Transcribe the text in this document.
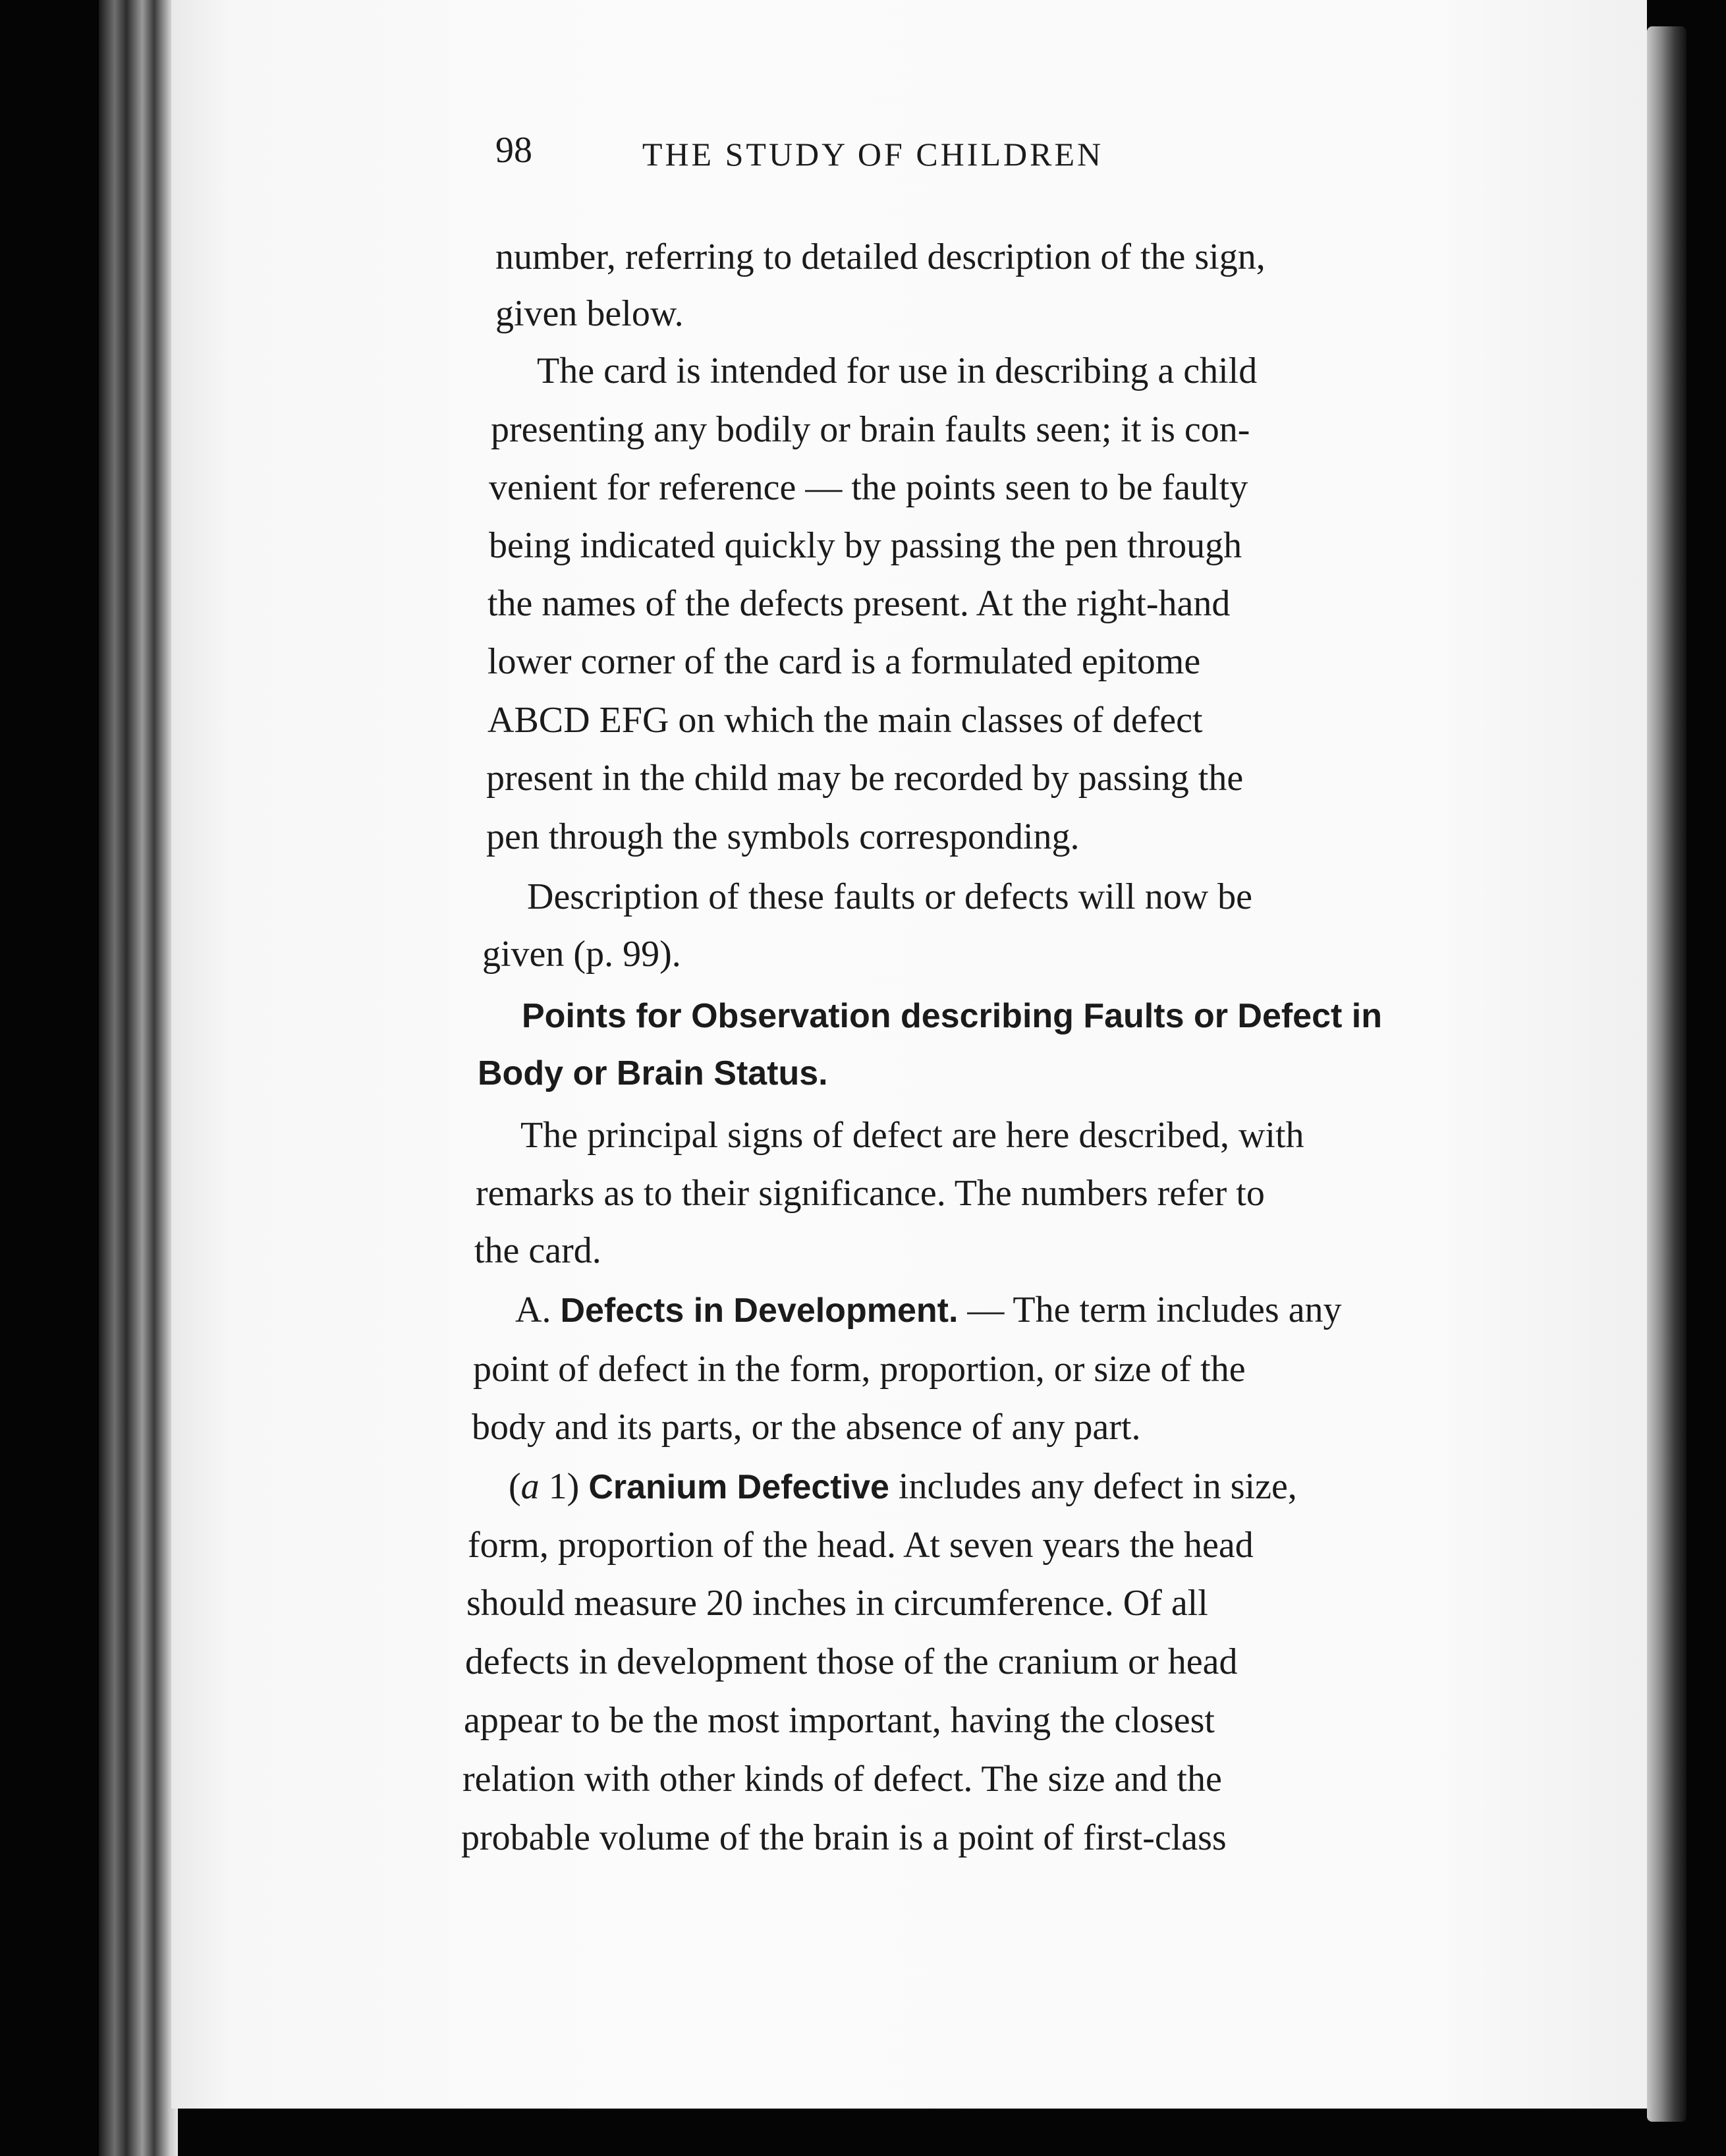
98	THE STUDY OF CHILDREN
number, referring to detailed description of the sign,
given below.
The card is intended for use in describing a child
presenting any bodily or brain faults seen; it is con-
venient for reference — the points seen to be faulty
being indicated quickly by passing the pen through
the names of the defects present. At the right-hand
lower corner of the card is a formulated epitome
ABCD EFG on which the main classes of defect
present in the child may be recorded by passing the
pen through the symbols corresponding.
Description of these faults or defects will now be
given (p. 99).
Points for Observation describing Faults or Defect in
Body or Brain Status.
The principal signs of defect are here described, with
remarks as to their significance. The numbers refer to
the card.
A. Defects in Development. — The term includes any
point of defect in the form, proportion, or size of the
body and its parts, or the absence of any part.
(a 1) Cranium Defective includes any defect in size,
form, proportion of the head. At seven years the head
should measure 20 inches in circumference. Of all
defects in development those of the cranium or head
appear to be the most important, having the closest
relation with other kinds of defect. The size and the
probable volume of the brain is a point of first-class
